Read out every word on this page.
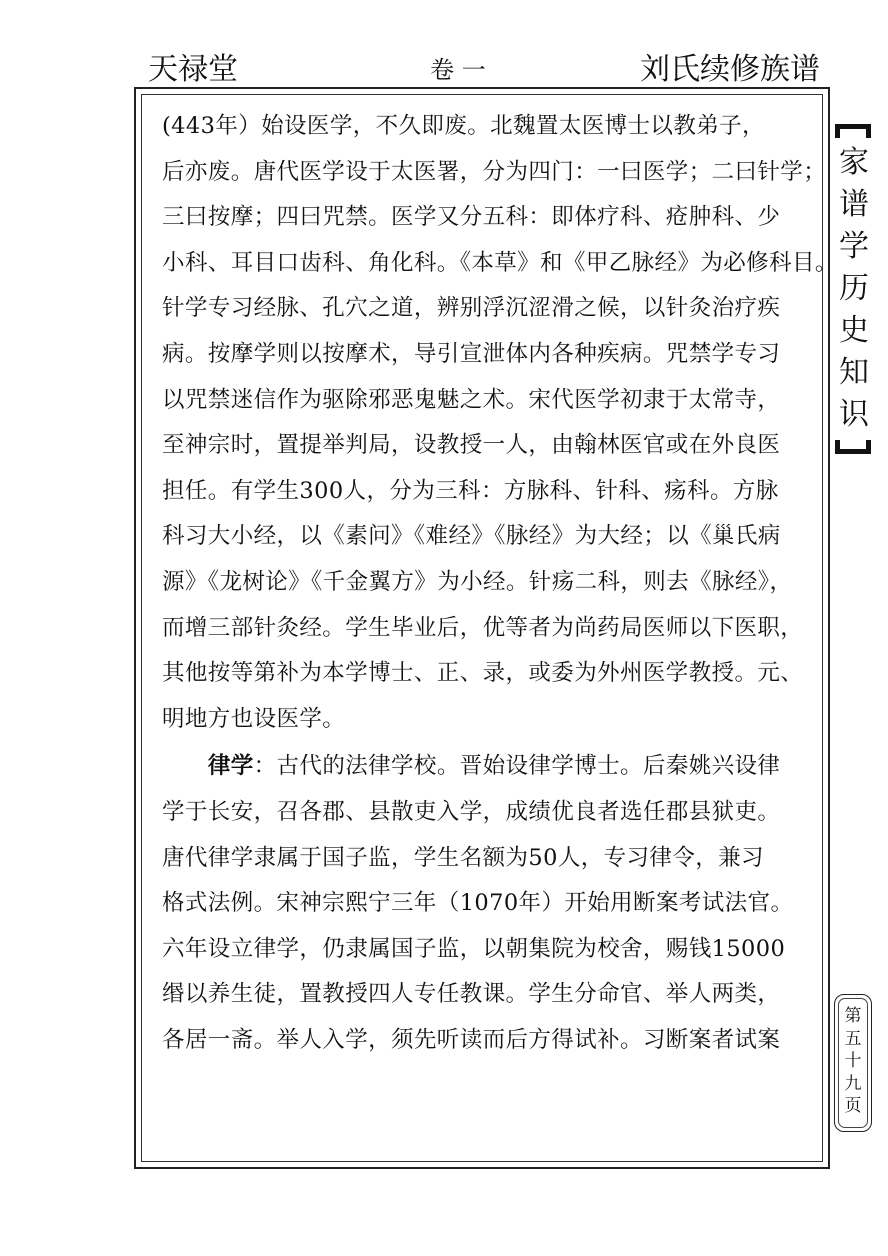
天禄堂	卷 一	刘氏续修族谱
(443年）始设医学，不久即废。北魏置太医博士以教弟子，
后亦废。唐代医学设于太医署，分为四门：一曰医学；二曰针学；
三曰按摩；四曰咒禁。医学又分五科：即体疗科、疮肿科、少
小科、耳目口齿科、角化科。《本草》和《甲乙脉经》为必修科目。
针学专习经脉、孔穴之道，辨别浮沉涩滑之候，以针灸治疗疾
病。按摩学则以按摩术，导引宣泄体内各种疾病。咒禁学专习
以咒禁迷信作为驱除邪恶鬼魅之术。宋代医学初隶于太常寺，
至神宗时，置提举判局，设教授一人，由翰林医官或在外良医
担任。有学生300人，分为三科：方脉科、针科、疡科。方脉
科习大小经，以《素问》《难经》《脉经》为大经；以《巢氏病
源》《龙树论》《千金翼方》为小经。针疡二科，则去《脉经》，
而增三部针灸经。学生毕业后，优等者为尚药局医师以下医职，
其他按等第补为本学博士、正、录，或委为外州医学教授。元、
明地方也设医学。
　　律学：古代的法律学校。晋始设律学博士。后秦姚兴设律
学于长安，召各郡、县散吏入学，成绩优良者选任郡县狱吏。
唐代律学隶属于国子监，学生名额为50人，专习律令，兼习
格式法例。宋神宗熙宁三年（1070年）开始用断案考试法官。
六年设立律学，仍隶属国子监，以朝集院为校舍，赐钱15000
缗以养生徒，置教授四人专任教课。学生分命官、举人两类，
各居一斋。举人入学，须先听读而后方得试补。习断案者试案
家
谱
学
历
史
知
识
第
五
十
九
页
